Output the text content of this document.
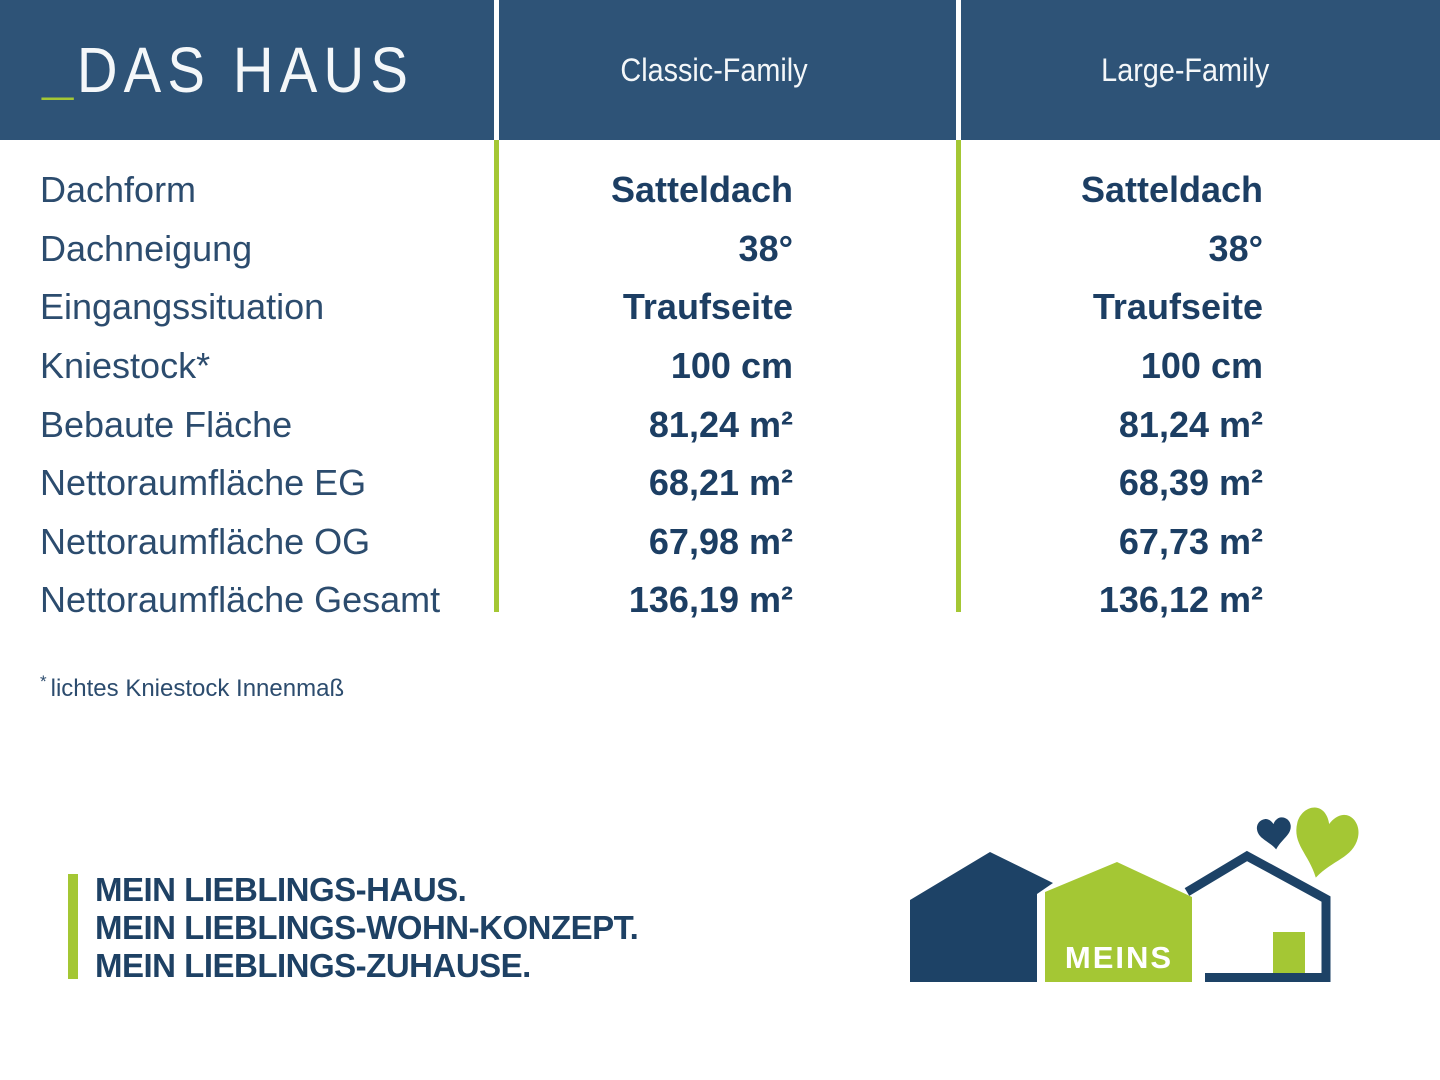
_ DAS HAUS	Classic-Family	Large-Family
Dachform	Satteldach	Satteldach
Dachneigung	38°	38°
Eingangssituation	Traufseite	Traufseite
Kniestock*	100 cm	100 cm
Bebaute Fläche	81,24 m²	81,24 m²
Nettoraumfläche EG	68,21 m²	68,39 m²
Nettoraumfläche OG	67,98 m²	67,73 m²
Nettoraumfläche Gesamt	136,19 m²	136,12 m²
* lichtes Kniestock Innenmaß
MEIN LIEBLINGS-HAUS.
MEIN LIEBLINGS-WOHN-KONZEPT.
MEIN LIEBLINGS-ZUHAUSE.	MEINS
